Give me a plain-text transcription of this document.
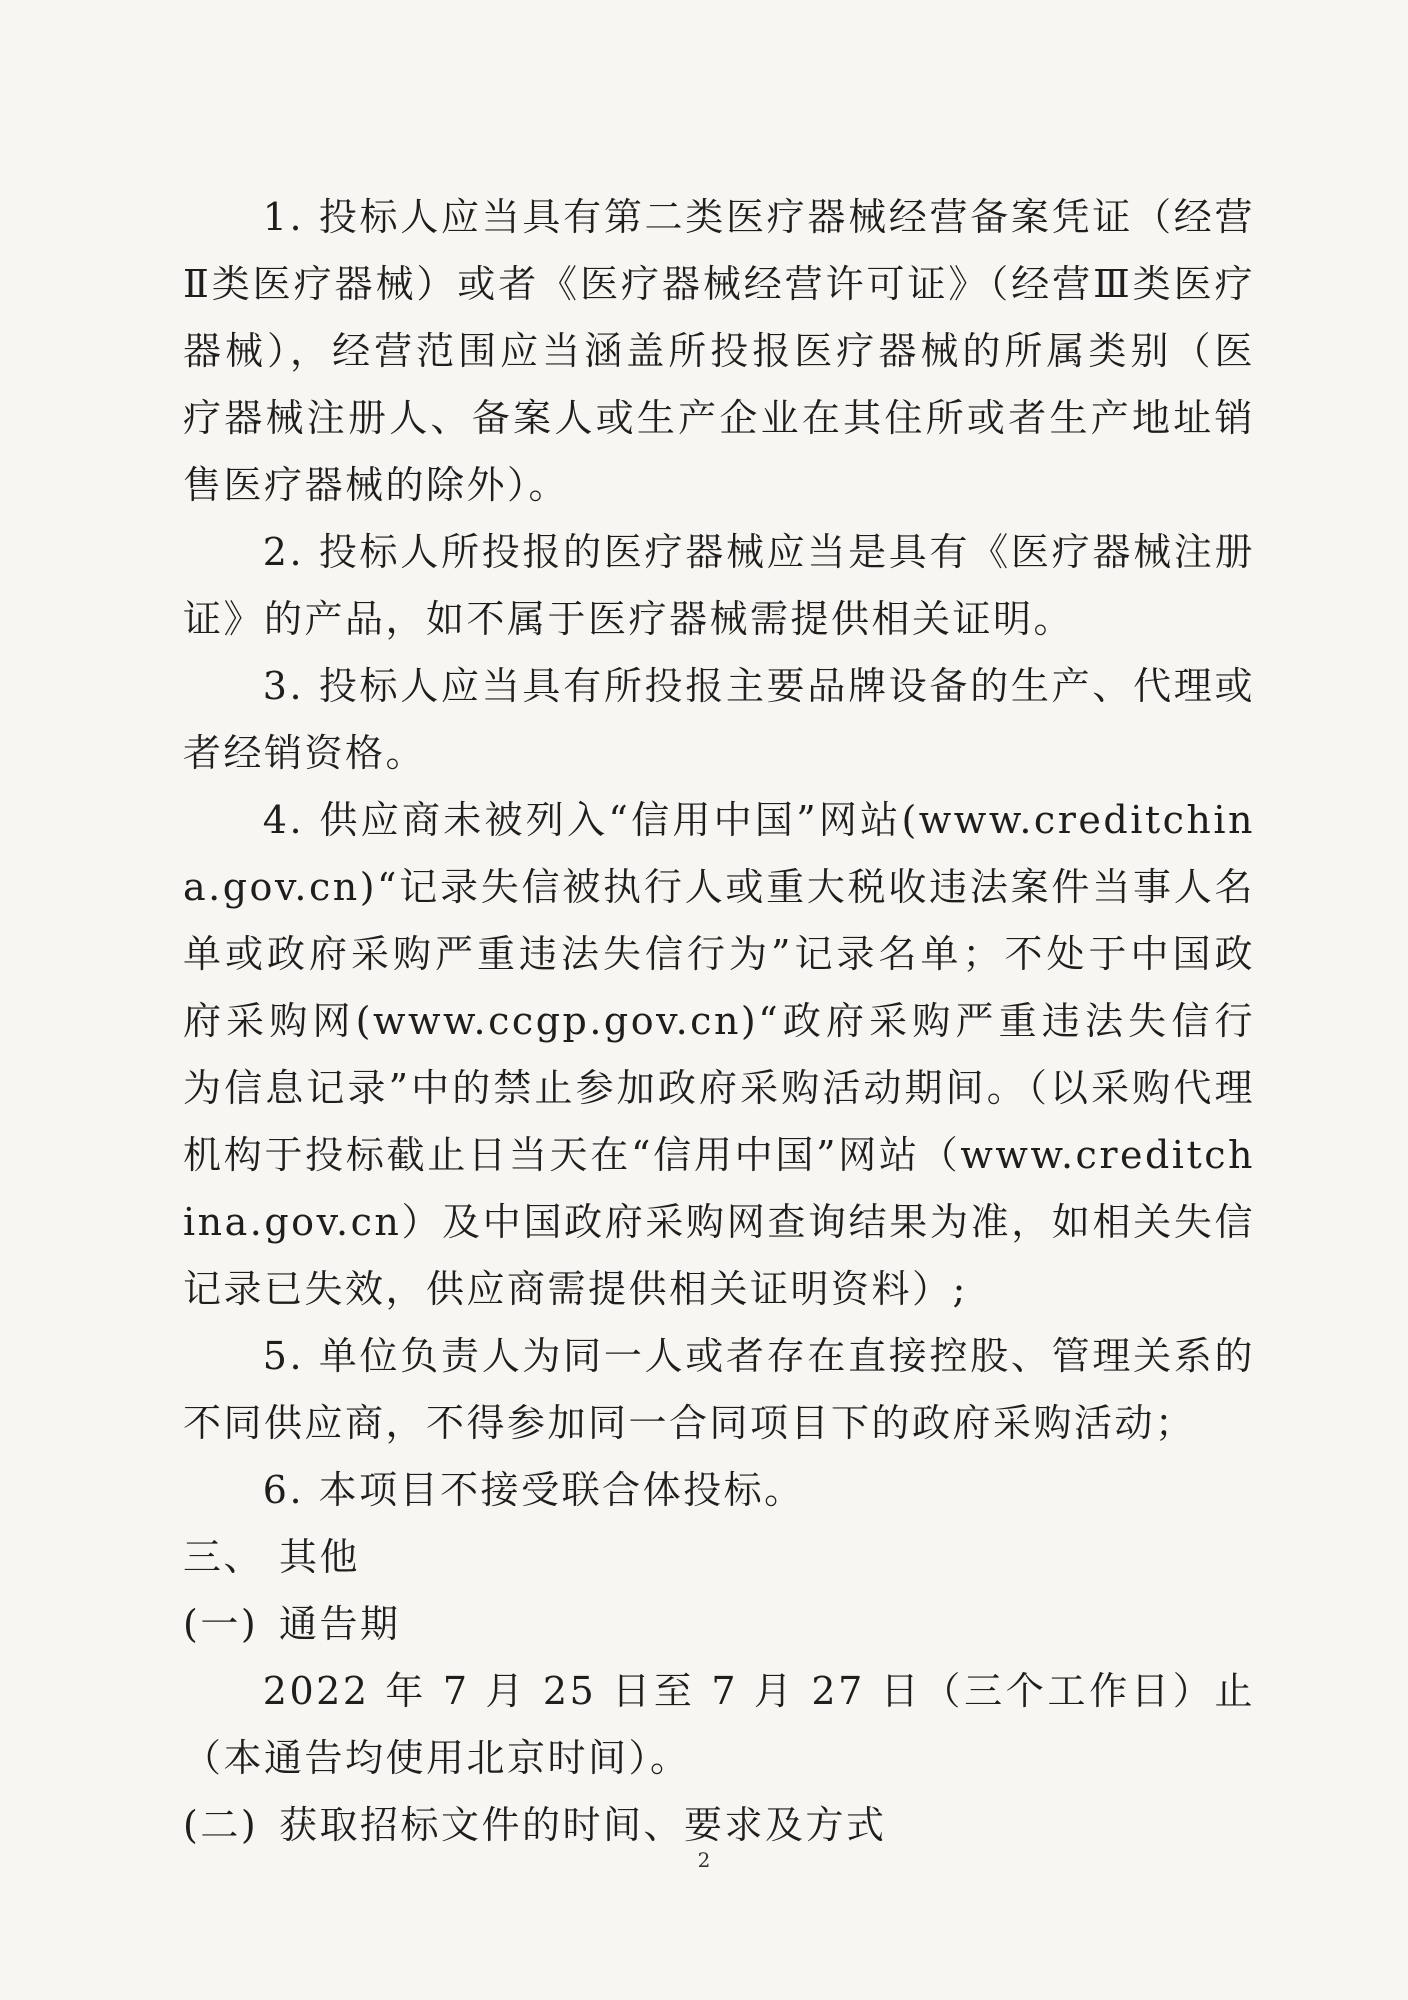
1. 投标人应当具有第二类医疗器械经营备案凭证（经营Ⅱ类医疗器械）或者《医疗器械经营许可证》（经营Ⅲ类医疗器械），经营范围应当涵盖所投报医疗器械的所属类别（医疗器械注册人、备案人或生产企业在其住所或者生产地址销售医疗器械的除外）。

2. 投标人所投报的医疗器械应当是具有《医疗器械注册证》的产品，如不属于医疗器械需提供相关证明。

3. 投标人应当具有所投报主要品牌设备的生产、代理或者经销资格。

4. 供应商未被列入“信用中国”网站(www.creditchina.gov.cn)“记录失信被执行人或重大税收违法案件当事人名单或政府采购严重违法失信行为”记录名单；不处于中国政府采购网(www.ccgp.gov.cn)“政府采购严重违法失信行为信息记录”中的禁止参加政府采购活动期间。（以采购代理机构于投标截止日当天在“信用中国”网站（www.creditchina.gov.cn）及中国政府采购网查询结果为准，如相关失信记录已失效，供应商需提供相关证明资料）;

5. 单位负责人为同一人或者存在直接控股、管理关系的不同供应商，不得参加同一合同项目下的政府采购活动；

6. 本项目不接受联合体投标。

三、 其他

(一) 通告期

2022 年 7 月 25 日至 7 月 27 日（三个工作日）止（本通告均使用北京时间）。

(二) 获取招标文件的时间、要求及方式

2
